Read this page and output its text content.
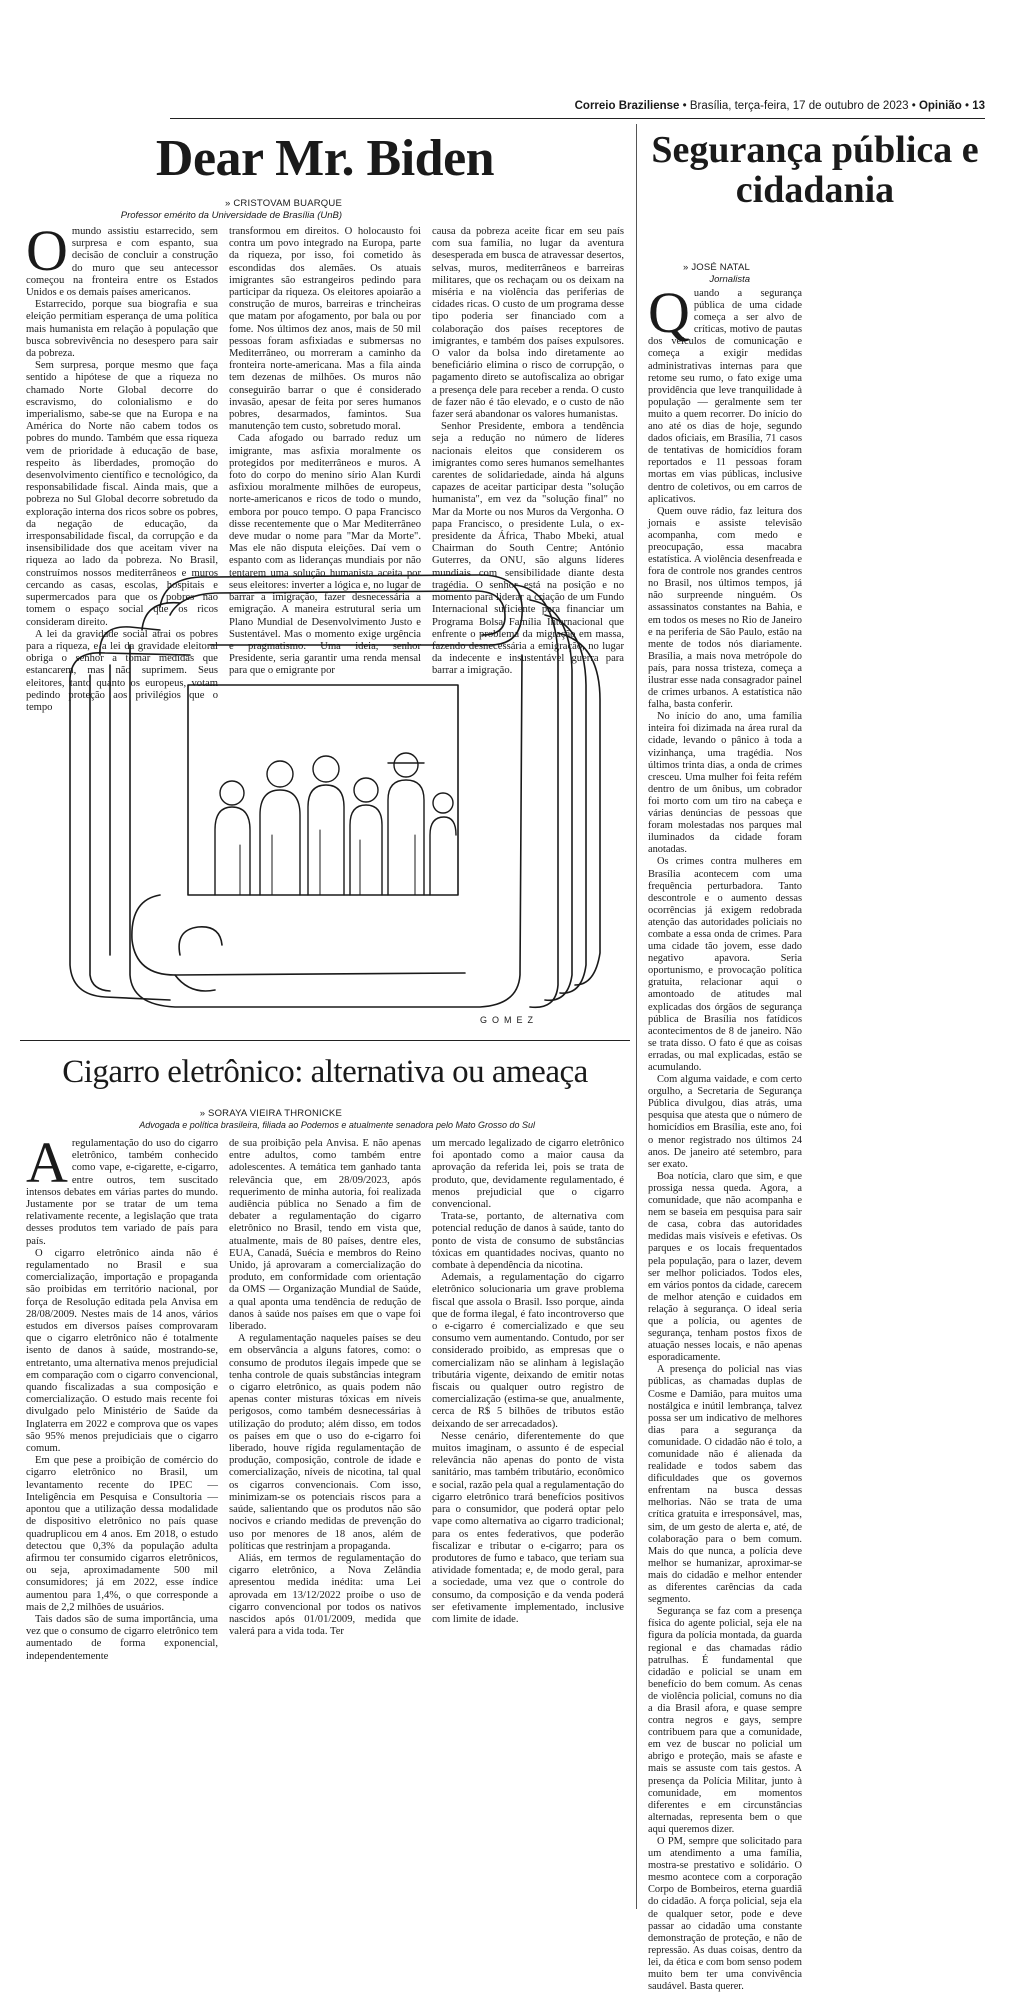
Correio Braziliense • Brasília, terça-feira, 17 de outubro de 2023 • Opinião • 13
Dear Mr. Biden
» CRISTOVAM BUARQUE
Professor emérito da Universidade de Brasília (UnB)

Omundo assistiu estarrecido, sem surpresa e com espanto, sua decisão de concluir a construção do muro que seu antecessor começou na fronteira entre os Estados Unidos e os demais países americanos.

Estarrecido, porque sua biografia e sua eleição permitiam esperança de uma política mais humanista em relação à população que busca sobrevivência no desespero para sair da pobreza.

Sem surpresa, porque mesmo que faça sentido a hipótese de que a riqueza no chamado Norte Global decorre do escravismo, do colonialismo e do imperialismo, sabe-se que na Europa e na América do Norte não cabem todos os pobres do mundo. Também que essa riqueza vem de prioridade à educação de base, respeito às liberdades, promoção do desenvolvimento científico e tecnológico, da responsabilidade fiscal. Ainda mais, que a pobreza no Sul Global decorre sobretudo da exploração interna dos ricos sobre os pobres, da negação de educação, da irresponsabilidade fiscal, da corrupção e da insensibilidade dos que aceitam viver na riqueza ao lado da pobreza. No Brasil, construímos nossos mediterrâneos e muros cercando as casas, escolas, hospitais e supermercados para que os pobres não tomem o espaço social que os ricos consideram direito.

A lei da gravidade social atrai os pobres para a riqueza, e a lei da gravidade eleitoral obriga o senhor a tomar medidas que estancarem, mas não suprimem. Seus eleitores, tanto quanto os europeus, votam pedindo proteção aos privilégios que o tempo

transformou em direitos. O holocausto foi contra um povo integrado na Europa, parte da riqueza, por isso, foi cometido às escondidas dos alemães. Os atuais imigrantes são estrangeiros pedindo para participar da riqueza. Os eleitores apoiarão a construção de muros, barreiras e trincheiras que matam por afogamento, por bala ou por fome. Nos últimos dez anos, mais de 50 mil pessoas foram asfixiadas e submersas no Mediterrâneo, ou morreram a caminho da fronteira norte-americana. Mas a fila ainda tem dezenas de milhões. Os muros não conseguirão barrar o que é considerado invasão, apesar de feita por seres humanos pobres, desarmados, famintos. Sua manutenção tem custo, sobretudo moral.

Cada afogado ou barrado reduz um imigrante, mas asfixia moralmente os protegidos por mediterrâneos e muros. A foto do corpo do menino sírio Alan Kurdi asfixiou moralmente milhões de europeus, norte-americanos e ricos de todo o mundo, embora por pouco tempo. O papa Francisco disse recentemente que o Mar Mediterrâneo deve mudar o nome para "Mar da Morte". Mas ele não disputa eleições. Daí vem o espanto com as lideranças mundiais por não tentarem uma solução humanista aceita por seus eleitores: inverter a lógica e, no lugar de barrar a imigração, fazer desnecessária a emigração. A maneira estrutural seria um Plano Mundial de Desenvolvimento Justo e Sustentável. Mas o momento exige urgência e pragmatismo. Uma ideia, senhor Presidente, seria garantir uma renda mensal para que o emigrante por

causa da pobreza aceite ficar em seu país com sua família, no lugar da aventura desesperada em busca de atravessar desertos, selvas, muros, mediterrâneos e barreiras militares, que os rechaçam ou os deixam na miséria e na violência das periferias de cidades ricas. O custo de um programa desse tipo poderia ser financiado com a colaboração dos países receptores de imigrantes, e também dos países expulsores. O valor da bolsa indo diretamente ao beneficiário elimina o risco de corrupção, o pagamento direto se autofiscaliza ao obrigar a presença dele para receber a renda. O custo de fazer não é tão elevado, e o custo de não fazer será abandonar os valores humanistas.

Senhor Presidente, embora a tendência seja a redução no número de líderes nacionais eleitos que considerem os imigrantes como seres humanos semelhantes carentes de solidariedade, ainda há alguns capazes de aceitar participar desta "solução humanista", em vez da "solução final" no Mar da Morte ou nos Muros da Vergonha. O papa Francisco, o presidente Lula, o ex-presidente da África, Thabo Mbeki, atual Chairman do South Centre; António Guterres, da ONU, são alguns líderes mundiais com sensibilidade diante desta tragédia. O senhor está na posição e no momento para liderar a criação de um Fundo Internacional suficiente para financiar um Programa Bolsa Família Internacional que enfrente o problema da migração em massa, fazendo desnecessária a emigração, no lugar da indecente e insustentável guerra para barrar a imigração.

GOMEZ
Cigarro eletrônico: alternativa ou ameaça
» SORAYA VIEIRA THRONICKE
Advogada e política brasileira, filiada ao Podemos e atualmente senadora pelo Mato Grosso do Sul

Aregulamentação do uso do cigarro eletrônico, também conhecido como vape, e-cigarette, e-cigarro, entre outros, tem suscitado intensos debates em várias partes do mundo. Justamente por se tratar de um tema relativamente recente, a legislação que trata desses produtos tem variado de país para país.

O cigarro eletrônico ainda não é regulamentado no Brasil e sua comercialização, importação e propaganda são proibidas em território nacional, por força de Resolução editada pela Anvisa em 28/08/2009. Nestes mais de 14 anos, vários estudos em diversos países comprovaram que o cigarro eletrônico não é totalmente isento de danos à saúde, mostrando-se, entretanto, uma alternativa menos prejudicial em comparação com o cigarro convencional, quando fiscalizadas a sua composição e comercialização. O estudo mais recente foi divulgado pelo Ministério de Saúde da Inglaterra em 2022 e comprova que os vapes são 95% menos prejudiciais que o cigarro comum.

Em que pese a proibição de comércio do cigarro eletrônico no Brasil, um levantamento recente do IPEC — Inteligência em Pesquisa e Consultoria — apontou que a utilização dessa modalidade de dispositivo eletrônico no país quase quadruplicou em 4 anos. Em 2018, o estudo detectou que 0,3% da população adulta afirmou ter consumido cigarros eletrônicos, ou seja, aproximadamente 500 mil consumidores; já em 2022, esse índice aumentou para 1,4%, o que corresponde a mais de 2,2 milhões de usuários.

Tais dados são de suma importância, uma vez que o consumo de cigarro eletrônico tem aumentado de forma exponencial, independentemente

de sua proibição pela Anvisa. E não apenas entre adultos, como também entre adolescentes. A temática tem ganhado tanta relevância que, em 28/09/2023, após requerimento de minha autoria, foi realizada audiência pública no Senado a fim de debater a regulamentação do cigarro eletrônico no Brasil, tendo em vista que, atualmente, mais de 80 países, dentre eles, EUA, Canadá, Suécia e membros do Reino Unido, já aprovaram a comercialização do produto, em conformidade com orientação da OMS — Organização Mundial de Saúde, a qual aponta uma tendência de redução de danos à saúde nos países em que o vape foi liberado.

A regulamentação naqueles países se deu em observância a alguns fatores, como: o consumo de produtos ilegais impede que se tenha controle de quais substâncias integram o cigarro eletrônico, as quais podem não apenas conter misturas tóxicas em níveis perigosos, como também desnecessárias à utilização do produto; além disso, em todos os países em que o uso do e-cigarro foi liberado, houve rígida regulamentação de produção, composição, controle de idade e comercialização, níveis de nicotina, tal qual os cigarros convencionais. Com isso, minimizam-se os potenciais riscos para a saúde, salientando que os produtos não são nocivos e criando medidas de prevenção do uso por menores de 18 anos, além de políticas que restrinjam a propaganda.

Aliás, em termos de regulamentação do cigarro eletrônico, a Nova Zelândia apresentou medida inédita: uma Lei aprovada em 13/12/2022 proíbe o uso de cigarro convencional por todos os nativos nascidos após 01/01/2009, medida que valerá para a vida toda. Ter

um mercado legalizado de cigarro eletrônico foi apontado como a maior causa da aprovação da referida lei, pois se trata de produto, que, devidamente regulamentado, é menos prejudicial que o cigarro convencional.

Trata-se, portanto, de alternativa com potencial redução de danos à saúde, tanto do ponto de vista de consumo de substâncias tóxicas em quantidades nocivas, quanto no combate à dependência da nicotina.

Ademais, a regulamentação do cigarro eletrônico solucionaria um grave problema fiscal que assola o Brasil. Isso porque, ainda que de forma ilegal, é fato incontroverso que o e-cigarro é comercializado e que seu consumo vem aumentando. Contudo, por ser considerado proibido, as empresas que o comercializam não se alinham à legislação tributária vigente, deixando de emitir notas fiscais ou qualquer outro registro de comercialização (estima-se que, anualmente, cerca de R$ 5 bilhões de tributos estão deixando de ser arrecadados).

Nesse cenário, diferentemente do que muitos imaginam, o assunto é de especial relevância não apenas do ponto de vista sanitário, mas também tributário, econômico e social, razão pela qual a regulamentação do cigarro eletrônico trará benefícios positivos para o consumidor, que poderá optar pelo vape como alternativa ao cigarro tradicional; para os entes federativos, que poderão fiscalizar e tributar o e-cigarro; para os produtores de fumo e tabaco, que teriam sua atividade fomentada; e, de modo geral, para a sociedade, uma vez que o controle do consumo, da composição e da venda poderá ser efetivamente implementado, inclusive com limite de idade.

Segurança pública e cidadania
» JOSÉ NATAL
Jornalista

Quando a segurança pública de uma cidade começa a ser alvo de críticas, motivo de pautas dos veículos de comunicação e começa a exigir medidas administrativas internas para que retome seu rumo, o fato exige uma providência que leve tranquilidade à população — geralmente sem ter muito a quem recorrer. Do início do ano até os dias de hoje, segundo dados oficiais, em Brasília, 71 casos de tentativas de homicídios foram reportados e 11 pessoas foram mortas em vias públicas, inclusive dentro de coletivos, ou em carros de aplicativos.

Quem ouve rádio, faz leitura dos jornais e assiste televisão acompanha, com medo e preocupação, essa macabra estatística. A violência desenfreada e fora de controle nos grandes centros no Brasil, nos últimos tempos, já não surpreende ninguém. Os assassinatos constantes na Bahia, e em todos os meses no Rio de Janeiro e na periferia de São Paulo, estão na mente de todos nós diariamente. Brasília, a mais nova metrópole do país, para nossa tristeza, começa a ilustrar esse nada consagrador painel de crimes urbanos. A estatística não falha, basta conferir.

No início do ano, uma família inteira foi dizimada na área rural da cidade, levando o pânico à toda a vizinhança, uma tragédia. Nos últimos trinta dias, a onda de crimes cresceu. Uma mulher foi feita refém dentro de um ônibus, um cobrador foi morto com um tiro na cabeça e várias denúncias de pessoas que foram molestadas nos parques mal iluminados da cidade foram anotadas.

Os crimes contra mulheres em Brasília acontecem com uma frequência perturbadora. Tanto descontrole e o aumento dessas ocorrências já exigem redobrada atenção das autoridades policiais no combate a essa onda de crimes. Para uma cidade tão jovem, esse dado negativo apavora. Seria oportunismo, e provocação política gratuita, relacionar aqui o amontoado de atitudes mal explicadas dos órgãos de segurança pública de Brasília nos fatídicos acontecimentos de 8 de janeiro. Não se trata disso. O fato é que as coisas erradas, ou mal explicadas, estão se acumulando.

Com alguma vaidade, e com certo orgulho, a Secretaria de Segurança Pública divulgou, dias atrás, uma pesquisa que atesta que o número de homicídios em Brasília, este ano, foi o menor registrado nos últimos 24 anos. De janeiro até setembro, para ser exato.

Boa notícia, claro que sim, e que prossiga nessa queda. Agora, a comunidade, que não acompanha e nem se baseia em pesquisa para sair de casa, cobra das autoridades medidas mais visíveis e efetivas. Os parques e os locais frequentados pela população, para o lazer, devem ser melhor policiados. Todos eles, em vários pontos da cidade, carecem de melhor atenção e cuidados em relação à segurança. O ideal seria que a polícia, ou agentes de segurança, tenham postos fixos de atuação nesses locais, e não apenas esporadicamente.

A presença do policial nas vias públicas, as chamadas duplas de Cosme e Damião, para muitos uma nostálgica e inútil lembrança, talvez possa ser um indicativo de melhores dias para a segurança da comunidade. O cidadão não é tolo, a comunidade não é alienada da realidade e todos sabem das dificuldades que os governos enfrentam na busca dessas melhorias. Não se trata de uma crítica gratuita e irresponsável, mas, sim, de um gesto de alerta e, até, de colaboração para o bem comum. Mais do que nunca, a polícia deve melhor se humanizar, aproximar-se mais do cidadão e melhor entender as diferentes carências da cada segmento.

Segurança se faz com a presença física do agente policial, seja ele na figura da polícia montada, da guarda regional e das chamadas rádio patrulhas. É fundamental que cidadão e policial se unam em benefício do bem comum. As cenas de violência policial, comuns no dia a dia Brasil afora, e quase sempre contra negros e gays, sempre contribuem para que a comunidade, em vez de buscar no policial um abrigo e proteção, mais se afaste e mais se assuste com tais gestos. A presença da Polícia Militar, junto à comunidade, em momentos diferentes e em circunstâncias alternadas, representa bem o que aqui queremos dizer.

O PM, sempre que solicitado para um atendimento a uma família, mostra-se prestativo e solidário. O mesmo acontece com a corporação Corpo de Bombeiros, eterna guardiã do cidadão. A força policial, seja ela de qualquer setor, pode e deve passar ao cidadão uma constante demonstração de proteção, e não de repressão. As duas coisas, dentro da lei, da ética e com bom senso podem muito bem ter uma convivência saudável. Basta querer.
